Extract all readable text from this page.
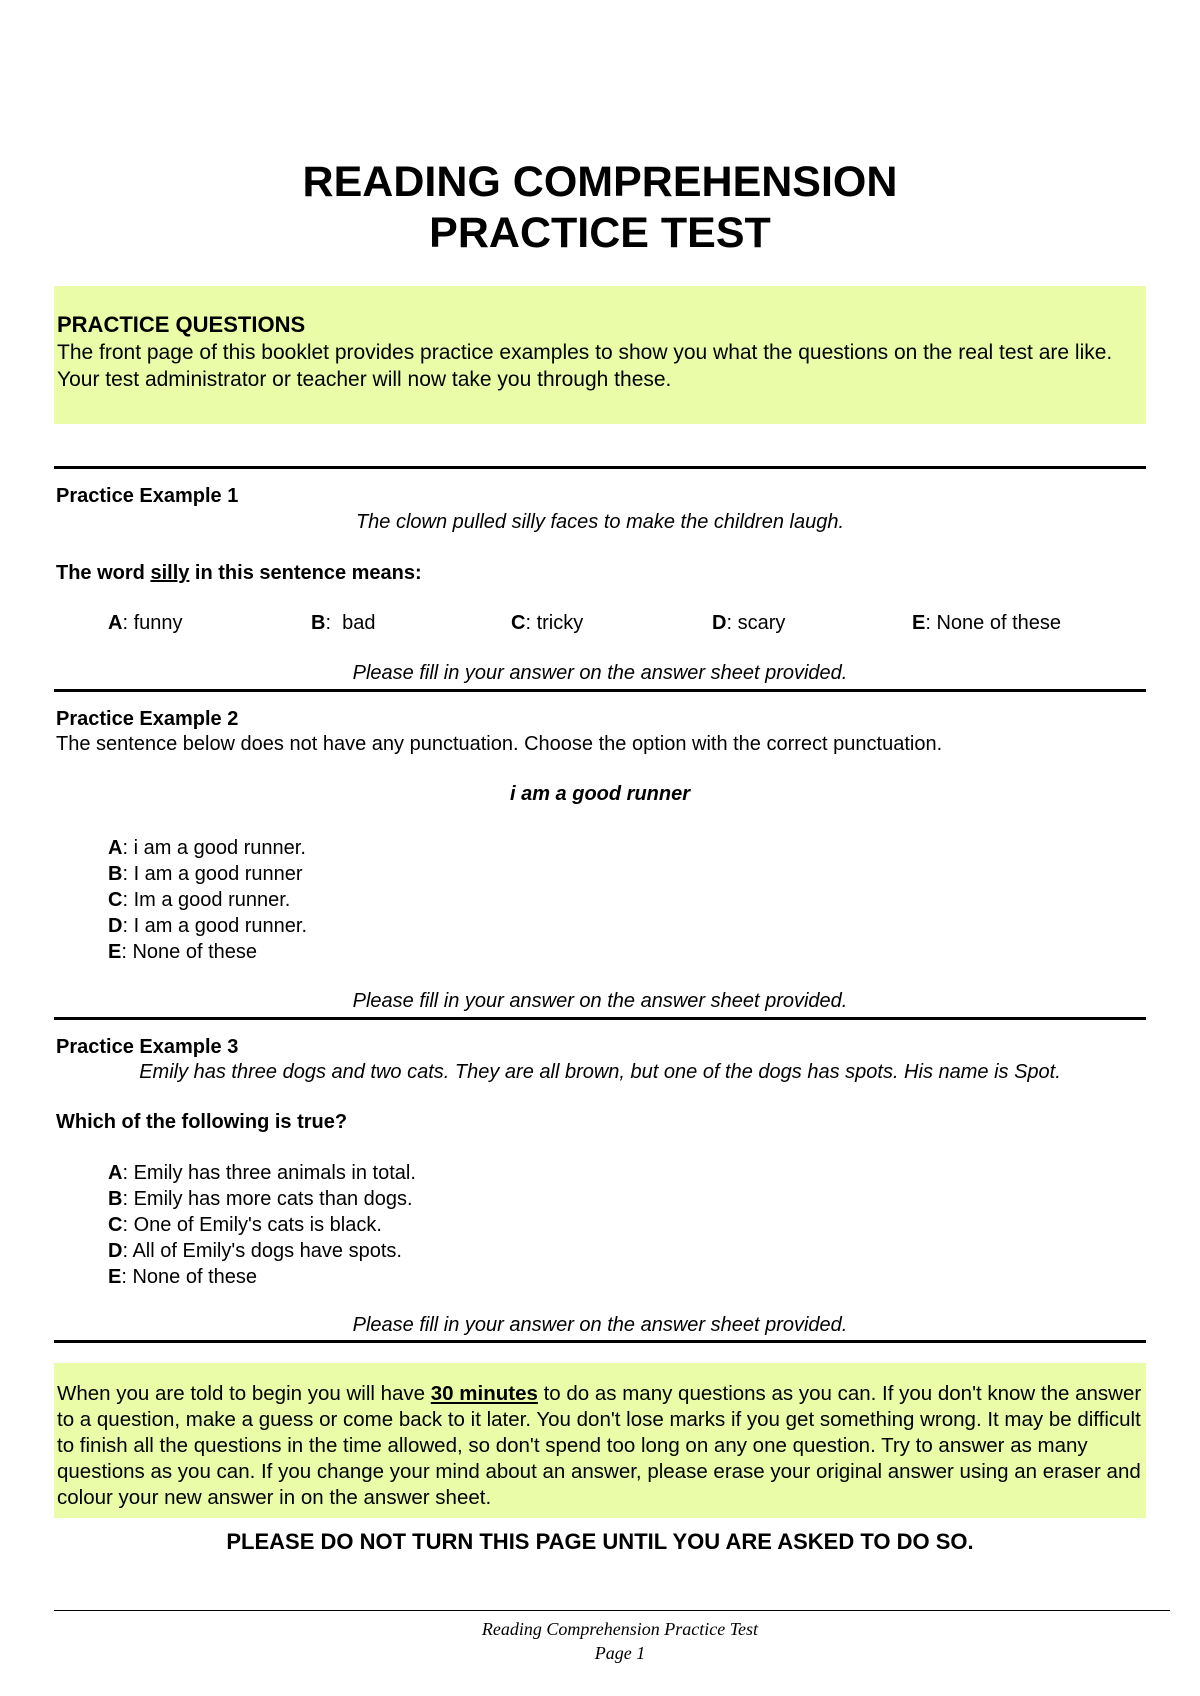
READING COMPREHENSION
PRACTICE TEST
PRACTICE QUESTIONS
The front page of this booklet provides practice examples to show you what the questions on the real test are like. Your test administrator or teacher will now take you through these.
Practice Example 1
The clown pulled silly faces to make the children laugh.
The word silly in this sentence means:
A: funny	B:  bad	C: tricky	D: scary	E: None of these
Please fill in your answer on the answer sheet provided.
Practice Example 2
The sentence below does not have any punctuation. Choose the option with the correct punctuation.
i am a good runner
A: i am a good runner.
B: I am a good runner
C: Im a good runner.
D: I am a good runner.
E: None of these
Please fill in your answer on the answer sheet provided.
Practice Example 3
Emily has three dogs and two cats. They are all brown, but one of the dogs has spots. His name is Spot.
Which of the following is true?
A: Emily has three animals in total.
B: Emily has more cats than dogs.
C: One of Emily's cats is black.
D: All of Emily's dogs have spots.
E: None of these
Please fill in your answer on the answer sheet provided.
When you are told to begin you will have 30 minutes to do as many questions as you can. If you don't know the answer to a question, make a guess or come back to it later. You don't lose marks if you get something wrong. It may be difficult to finish all the questions in the time allowed, so don't spend too long on any one question. Try to answer as many questions as you can. If you change your mind about an answer, please erase your original answer using an eraser and colour your new answer in on the answer sheet.
PLEASE DO NOT TURN THIS PAGE UNTIL YOU ARE ASKED TO DO SO.
Reading Comprehension Practice Test
Page 1
